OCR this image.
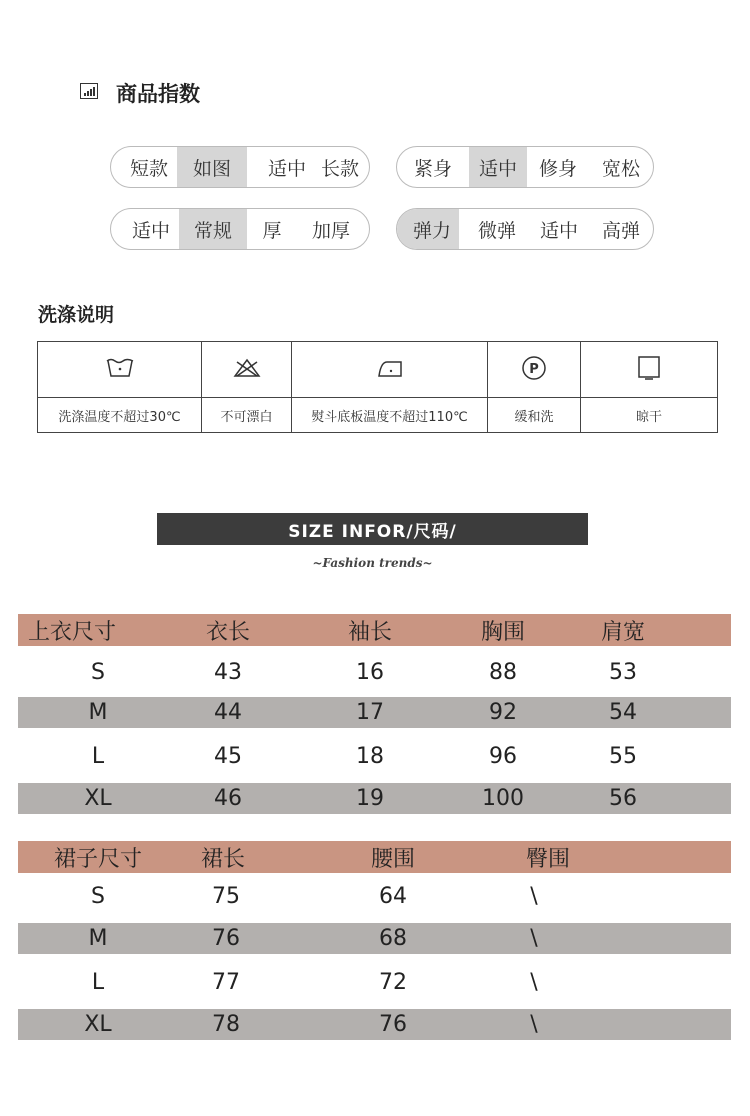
商品指数
短款	如图	适中 长款	紧身	适中	修身	宽松
适中	常规	厚	加厚	弹力	微弹	适中	高弹
洗涤说明

P

洗涤温度不超过30℃	不可漂白	熨斗底板温度不超过110℃	缓和洗	晾干
SIZE INFOR/尺码/
~Fashion trends~
上衣尺寸	衣长	袖长	胸围	肩宽
S	43	16	88	53
M	44	17	92	54
L	45	18	96	55
XL	46	19	100	56
裙子尺寸	裙长	腰围	臀围
S	75	64	\
M	76	68	\
L	77	72	\
XL	78	76	\
